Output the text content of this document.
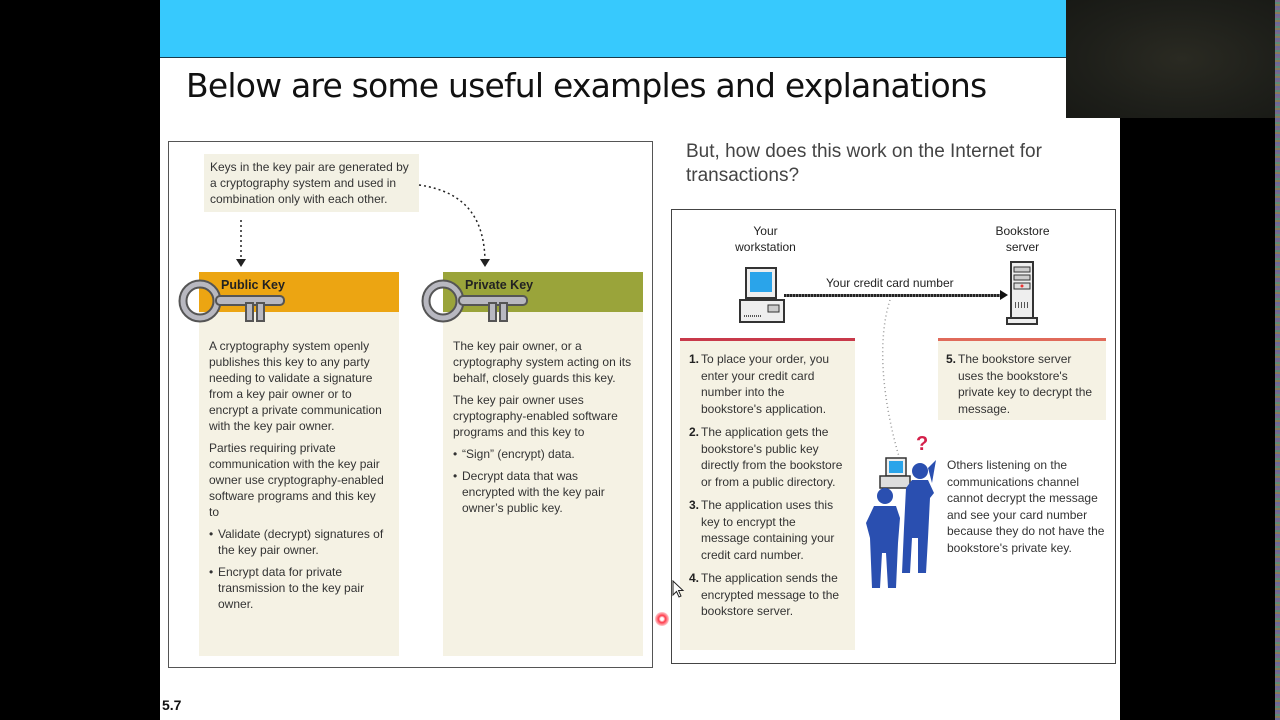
Below are some useful examples and explanations
Keys in the key pair are generated by a cryptography system and used in combination only with each other.
Public Key

A cryptography system openly publishes this key to any party needing to validate a signature from a key pair owner or to encrypt a private communication with the key pair owner.

Parties requiring private communication with the key pair owner use cryptography-enabled software programs and this key to

• Validate (decrypt) signatures of the key pair owner.
• Encrypt data for private transmission to the key pair owner.
Private Key

The key pair owner, or a cryptography system acting on its behalf, closely guards this key.

The key pair owner uses cryptography-enabled software programs and this key to

• “Sign” (encrypt) data.
• Decrypt data that was encrypted with the key pair owner’s public key.
But, how does this work on the Internet for transactions?
Your
workstation
Bookstore
server
Your credit card number
1. To place your order, you enter your credit card number into the bookstore's application.
2. The application gets the bookstore's public key directly from the bookstore or from a public directory.
3. The application uses this key to encrypt the message containing your credit card number.
4. The application sends the encrypted message to the bookstore server.
5. The bookstore server uses the bookstore's private key to decrypt the message.
?
Others listening on the communications channel cannot decrypt the message and see your card number because they do not have the bookstore's private key.
5.7
